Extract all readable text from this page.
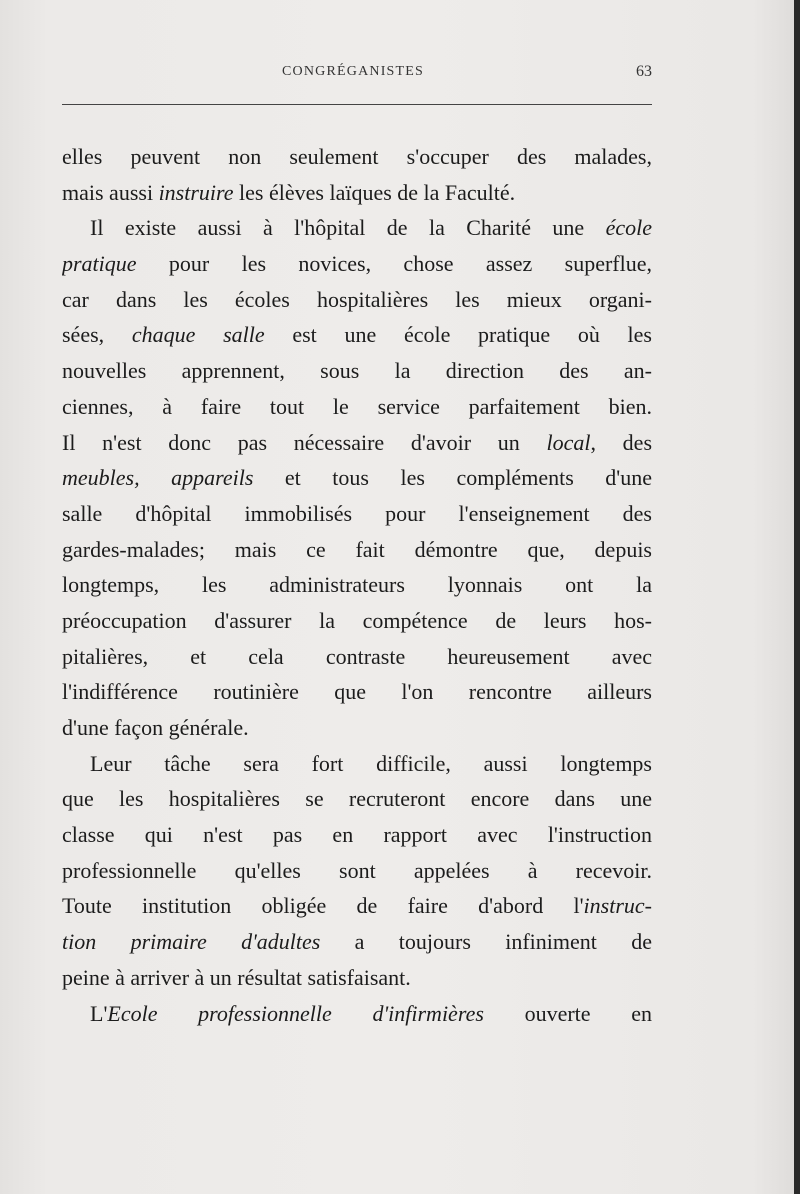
CONGRÉGANISTES	63
elles peuvent non seulement s'occuper des malades,
mais aussi instruire les élèves laïques de la Faculté.
Il existe aussi à l'hôpital de la Charité une école
pratique pour les novices, chose assez superflue,
car dans les écoles hospitalières les mieux organi-
sées, chaque salle est une école pratique où les
nouvelles apprennent, sous la direction des an-
ciennes, à faire tout le service parfaitement bien.
Il n'est donc pas nécessaire d'avoir un local, des
meubles, appareils et tous les compléments d'une
salle d'hôpital immobilisés pour l'enseignement des
gardes-malades; mais ce fait démontre que, depuis
longtemps, les administrateurs lyonnais ont la
préoccupation d'assurer la compétence de leurs hos-
pitalières, et cela contraste heureusement avec
l'indifférence routinière que l'on rencontre ailleurs
d'une façon générale.
Leur tâche sera fort difficile, aussi longtemps
que les hospitalières se recruteront encore dans une
classe qui n'est pas en rapport avec l'instruction
professionnelle qu'elles sont appelées à recevoir.
Toute institution obligée de faire d'abord l'instruc-
tion primaire d'adultes a toujours infiniment de
peine à arriver à un résultat satisfaisant.
L'Ecole professionnelle d'infirmières ouverte en
